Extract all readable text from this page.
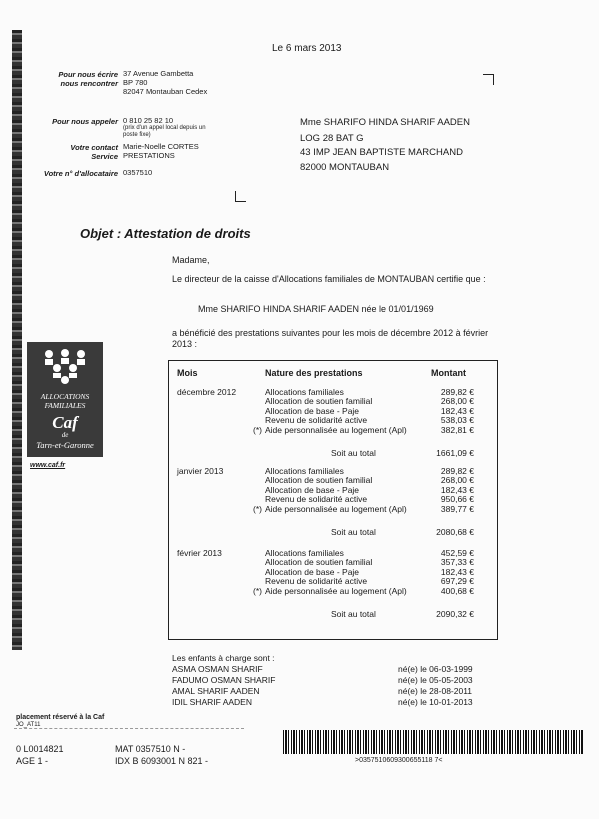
Le 6 mars 2013
Pour nous écrire
nous rencontrer
37 Avenue Gambetta
BP 780
82047 Montauban Cedex
Pour nous appeler 0 810 25 82 10
(prix d'un appel local depuis un
poste fixe)
Votre contact Marie-Noelle CORTES
Service PRESTATIONS
Votre n° d'allocataire 0357510
Mme SHARIFO HINDA SHARIF AADEN
LOG 28 BAT G
43 IMP JEAN BAPTISTE MARCHAND
82000 MONTAUBAN
Objet : Attestation de droits
Madame,
Le directeur de la caisse d'Allocations familiales de MONTAUBAN certifie que :
Mme SHARIFO HINDA SHARIF AADEN née le 01/01/1969
a bénéficié des prestations suivantes pour les mois de décembre 2012 à février 2013 :
ALLOCATIONS
FAMILIALES
Caf
de
Tarn-et-Garonne
www.caf.fr
Mois	Nature des prestations	Montant
décembre 2012	Allocations familiales	289,82 €
Allocation de soutien familial	268,00 €
Allocation de base - Paje	182,43 €
Revenu de solidarité active	538,03 €
(*) Aide personnalisée au logement (Apl)	382,81 €
Soit au total	1661,09 €
janvier 2013	Allocations familiales	289,82 €
Allocation de soutien familial	268,00 €
Allocation de base - Paje	182,43 €
Revenu de solidarité active	950,66 €
(*) Aide personnalisée au logement (Apl)	389,77 €
Soit au total	2080,68 €
février 2013	Allocations familiales	452,59 €
Allocation de soutien familial	357,33 €
Allocation de base - Paje	182,43 €
Revenu de solidarité active	697,29 €
(*) Aide personnalisée au logement (Apl)	400,68 €
Soit au total	2090,32 €
Les enfants à charge sont :
ASMA OSMAN SHARIF	né(e) le 06-03-1999
FADUMO OSMAN SHARIF	né(e) le 05-05-2003
AMAL SHARIF AADEN	né(e) le 28-08-2011
IDIL SHARIF AADEN	né(e) le 10-01-2013
placement réservé à la Caf
JO_AT11
0 L0014821
AGE 1 -
MAT 0357510 N -
IDX B 6093001 N 821 -	>0357510609300655118 7<
